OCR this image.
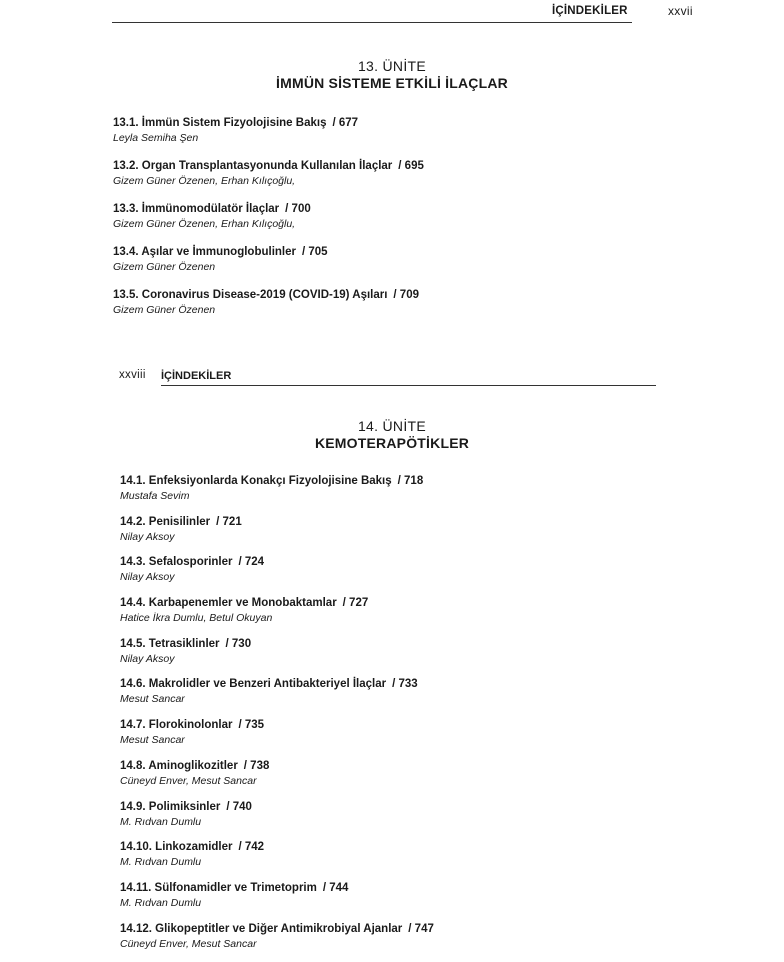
İÇİNDEKİLER	xxvii
13. ÜNİTE
İMMÜN SİSTEME ETKİLİ İLAÇLAR
13.1. İmmün Sistem Fizyolojisine Bakış / 677
Leyla Semiha Şen
13.2. Organ Transplantasyonunda Kullanılan İlaçlar / 695
Gizem Güner Özenen, Erhan Kılıçoğlu,
13.3. İmmünomodülatör İlaçlar / 700
Gizem Güner Özenen, Erhan Kılıçoğlu,
13.4. Aşılar ve İmmunoglobulinler / 705
Gizem Güner Özenen
13.5. Coronavirus Disease-2019 (COVID-19) Aşıları / 709
Gizem Güner Özenen
xxviii İÇİNDEKİLER
14. ÜNİTE
KEMOTERAPÖTİKLER
14.1. Enfeksiyonlarda Konakçı Fizyolojisine Bakış / 718
Mustafa Sevim
14.2. Penisilinler / 721
Nilay Aksoy
14.3. Sefalosporinler / 724
Nilay Aksoy
14.4. Karbapenemler ve Monobaktamlar / 727
Hatice İkra Dumlu, Betul Okuyan
14.5. Tetrasiklinler / 730
Nilay Aksoy
14.6. Makrolidler ve Benzeri Antibakteriyel İlaçlar / 733
Mesut Sancar
14.7. Florokinolonlar / 735
Mesut Sancar
14.8. Aminoglikozitler / 738
Cüneyd Enver, Mesut Sancar
14.9. Polimiksinler / 740
M. Rıdvan Dumlu
14.10. Linkozamidler / 742
M. Rıdvan Dumlu
14.11. Sülfonamidler ve Trimetoprim / 744
M. Rıdvan Dumlu
14.12. Glikopeptitler ve Diğer Antimikrobiyal Ajanlar / 747
Cüneyd Enver, Mesut Sancar
